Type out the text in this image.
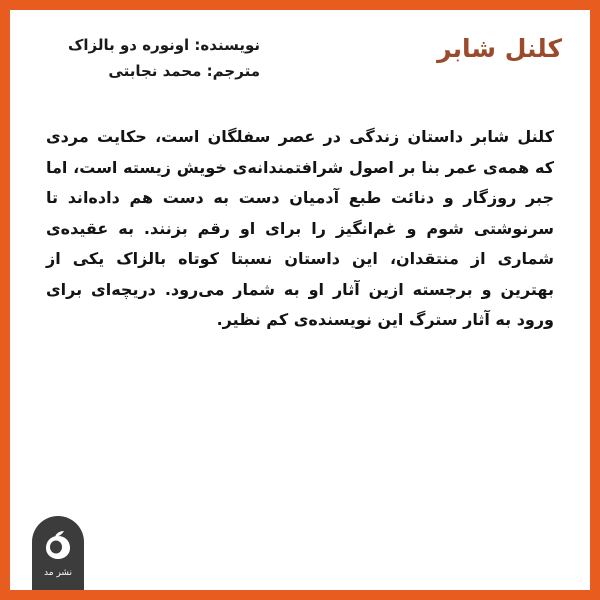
کلنل شابر
نویسنده: اونوره دو بالزاک
مترجم: محمد نجابتی

کلنل شابر داستان زندگی در عصر سفلگان است، حکایت مردی که همه‌ی عمر بنا بر اصول شرافتمندانه‌ی خویش زیسته است، اما جبر روزگار و دنائت طبع آدمیان دست به دست هم داده‌اند تا سرنوشتی شوم و غم‌انگیز را برای او رقم بزنند. به عقیده‌ی شماری از منتقدان، این داستان نسبتا کوتاه بالزاک یکی از بهترین و برجسته ازین آثار او به شمار می‌رود. دریچه‌ای برای ورود به آثار سترگ این نویسنده‌ی کم نظیر.

نشر مد
